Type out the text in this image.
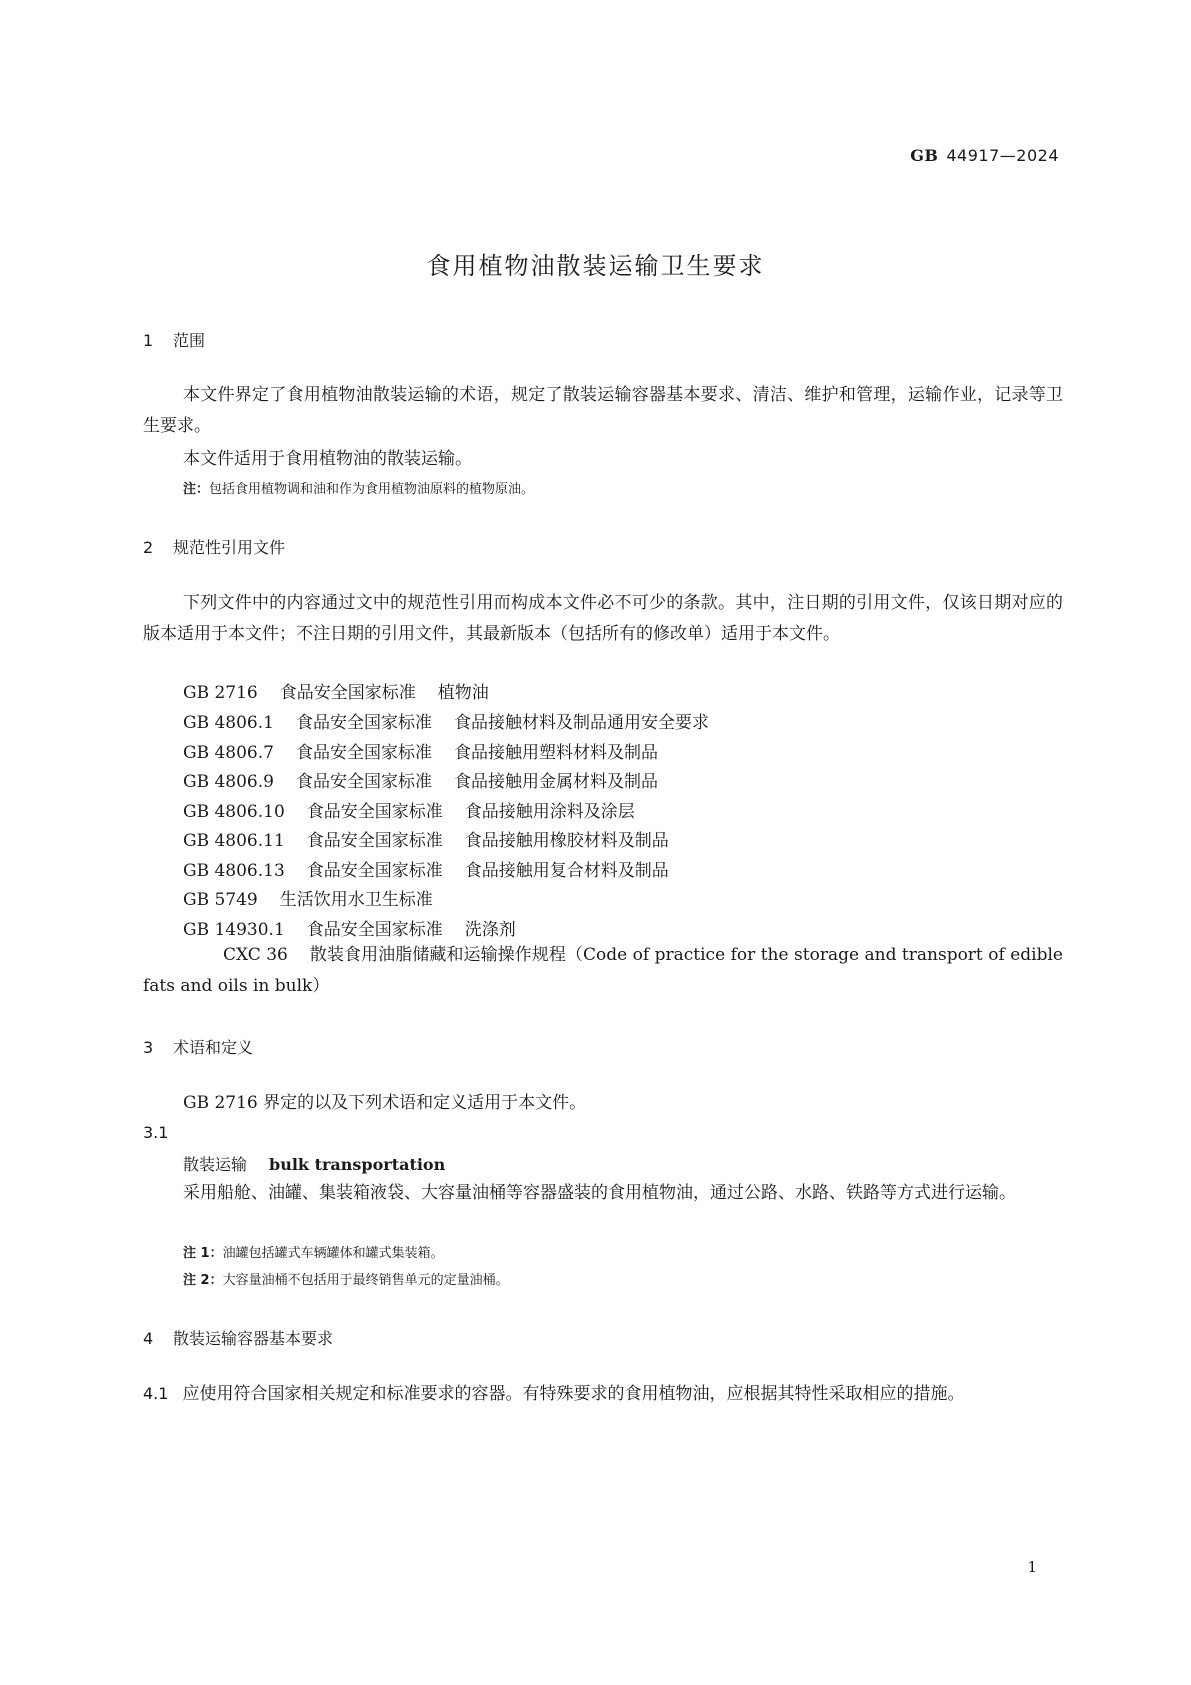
GB 44917—2024
食用植物油散装运输卫生要求
1 范围
本文件界定了食用植物油散装运输的术语，规定了散装运输容器基本要求、清洁、维护和管理，运输作业，记录等卫生要求。
本文件适用于食用植物油的散装运输。
注：包括食用植物调和油和作为食用植物油原料的植物原油。
2 规范性引用文件
下列文件中的内容通过文中的规范性引用而构成本文件必不可少的条款。其中，注日期的引用文件，仅该日期对应的版本适用于本文件；不注日期的引用文件，其最新版本（包括所有的修改单）适用于本文件。
GB 2716 食品安全国家标准 植物油
GB 4806.1 食品安全国家标准 食品接触材料及制品通用安全要求
GB 4806.7 食品安全国家标准 食品接触用塑料材料及制品
GB 4806.9 食品安全国家标准 食品接触用金属材料及制品
GB 4806.10 食品安全国家标准 食品接触用涂料及涂层
GB 4806.11 食品安全国家标准 食品接触用橡胶材料及制品
GB 4806.13 食品安全国家标准 食品接触用复合材料及制品
GB 5749 生活饮用水卫生标准
GB 14930.1 食品安全国家标准 洗涤剂
CXC 36 散装食用油脂储藏和运输操作规程（Code of practice for the storage and transport of edible fats and oils in bulk）
3 术语和定义
GB 2716 界定的以及下列术语和定义适用于本文件。
3.1
散装运输 bulk transportation
采用船舱、油罐、集装箱液袋、大容量油桶等容器盛装的食用植物油，通过公路、水路、铁路等方式进行运输。
注 1：油罐包括罐式车辆罐体和罐式集装箱。
注 2：大容量油桶不包括用于最终销售单元的定量油桶。
4 散装运输容器基本要求
4.1 应使用符合国家相关规定和标准要求的容器。有特殊要求的食用植物油，应根据其特性采取相应的措施。
1
